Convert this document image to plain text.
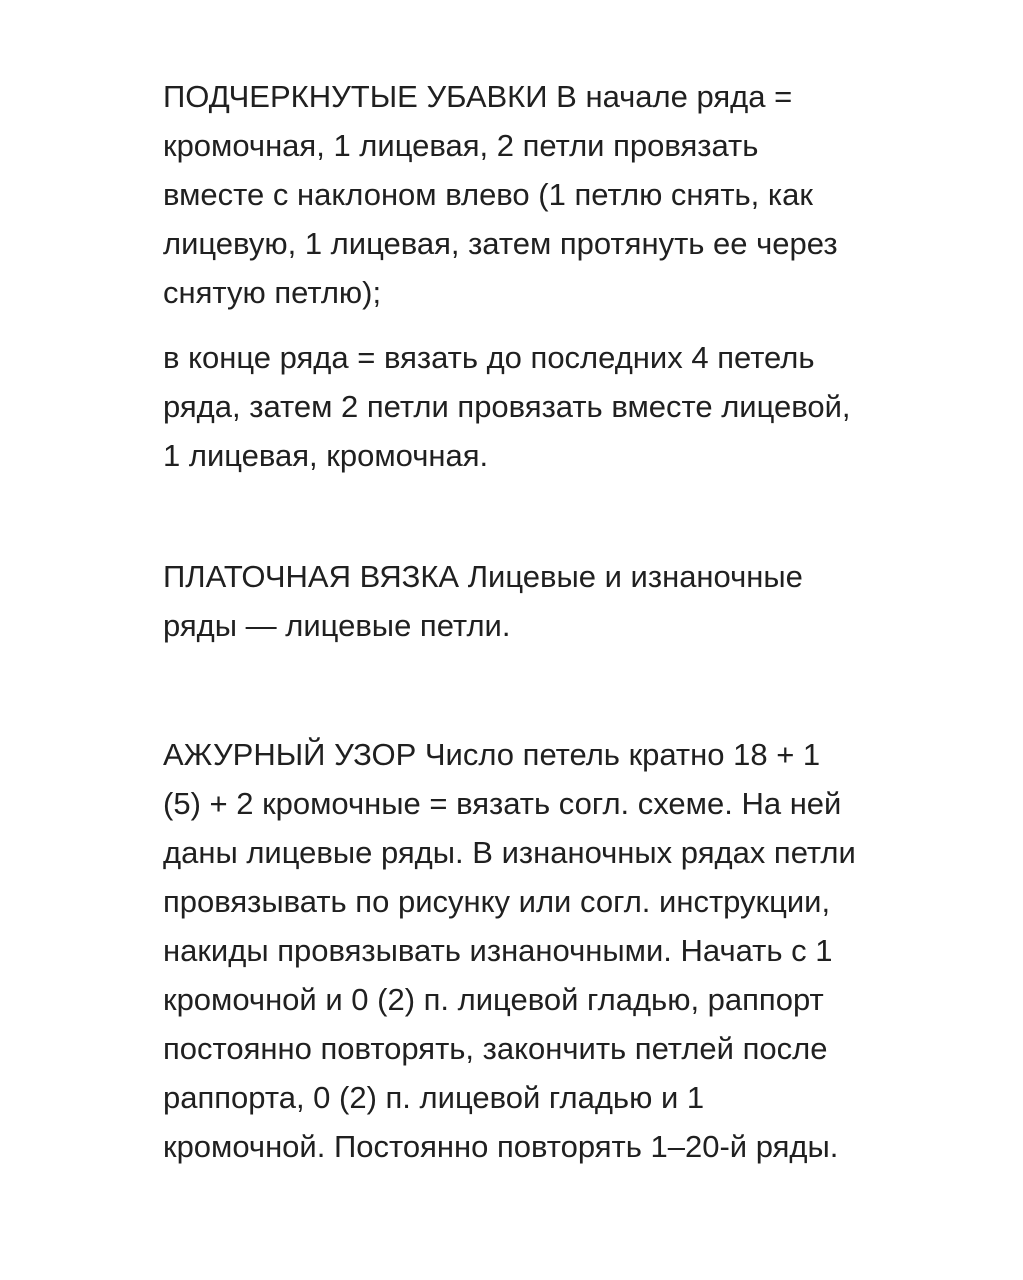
ПОДЧЕРКНУТЫЕ УБАВКИ В начале ряда = кромочная, 1 лицевая, 2 петли провязать вместе с наклоном влево (1 петлю снять, как лицевую, 1 лицевая, затем протянуть ее через снятую петлю);

в конце ряда = вязать до последних 4 петель ряда, затем 2 петли провязать вместе лицевой, 1 лицевая, кромочная.

ПЛАТОЧНАЯ ВЯЗКА Лицевые и изнаночные ряды — лицевые петли.

АЖУРНЫЙ УЗОР Число петель кратно 18 + 1 (5) + 2 кромочные = вязать согл. схеме. На ней даны лицевые ряды. В изнаночных рядах петли провязывать по рисунку или согл. инструкции, накиды провязывать изнаночными. Начать с 1 кромочной и 0 (2) п. лицевой гладью, раппорт постоянно повторять, закончить петлей после раппорта, 0 (2) п. лицевой гладью и 1 кромочной. Постоянно повторять 1–20-й ряды.
